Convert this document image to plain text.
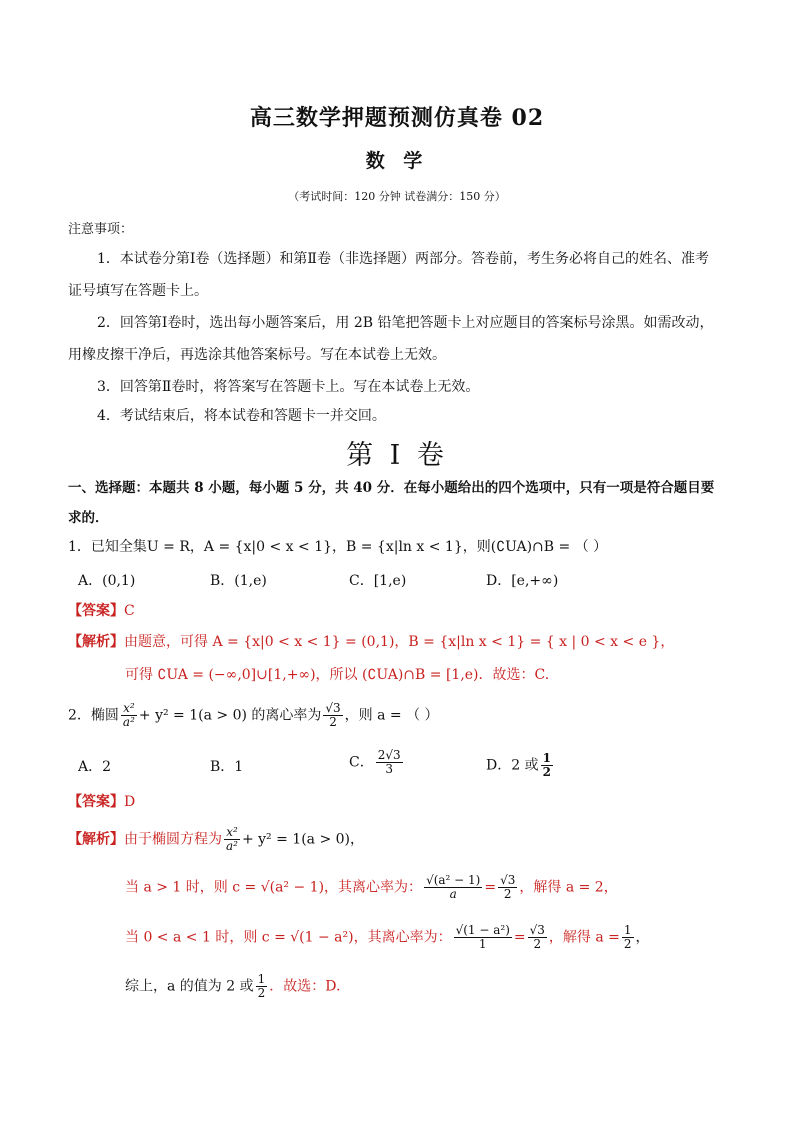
高三数学押题预测仿真卷 02
数 学
（考试时间：120 分钟 试卷满分：150 分）
注意事项：
1．本试卷分第Ⅰ卷（选择题）和第Ⅱ卷（非选择题）两部分。答卷前，考生务必将自己的姓名、准考
证号填写在答题卡上。
2．回答第Ⅰ卷时，选出每小题答案后，用 2B 铅笔把答题卡上对应题目的答案标号涂黑。如需改动，
用橡皮擦干净后，再选涂其他答案标号。写在本试卷上无效。
3．回答第Ⅱ卷时，将答案写在答题卡上。写在本试卷上无效。
4．考试结束后，将本试卷和答题卡一并交回。
第 I 卷
一、选择题：本题共 8 小题，每小题 5 分，共 40 分．在每小题给出的四个选项中，只有一项是符合题目要
求的．
1．已知全集U = R，A = {x|0 < x < 1}，B = {x|ln x < 1}，则(∁UA)∩B = （ ）
A．(0,1)	B．(1,e)	C．[1,e)	D．[e,+∞)
【答案】C
【解析】由题意，可得 A = {x|0 < x < 1} = (0,1)，B = {x|ln x < 1} = { x | 0 < x < e }，
可得 ∁UA = (−∞,0]∪[1,+∞)，所以 (∁UA)∩B = [1,e)．故选：C.
2．椭圆 $\frac{\text{x²}}{\text{a²}} + y^2 = 1(a > 0)$ 的离心率为 $\frac{√3}{2}$ ，则 a = （ ）
A．2	B．1	C． $\frac{2√3}{3}$	D．2 或 $\frac{1}{2}$
【答案】D
【解析】由于椭圆方程为 $\frac{\text{x²}}{\text{a²}} + y^2 = 1(a > 0)$，
当 a > 1 时，则 c = √(a² − 1)，其离心率为： $\frac{\text{√(a² − 1)}}{a} = \frac{√3}{2}$ ，解得 a = 2，
当 0 < a < 1 时，则 c = √(1 − a²)，其离心率为： $\frac{\text{√(1 − a²)}}{1} = \frac{√3}{2}$ ，解得 $a = \frac{1}{2}$ ，
综上，a 的值为 2 或 $\frac{1}{2}$ ．故选：D.
